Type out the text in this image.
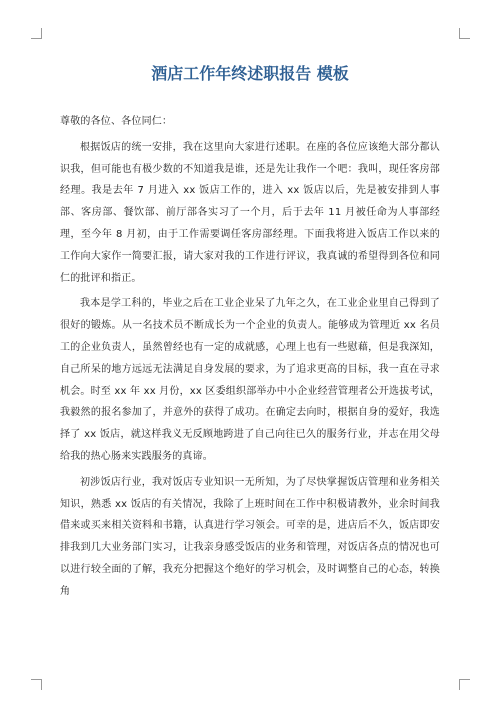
酒店工作年终述职报告 模板

尊敬的各位、各位同仁：

根据饭店的统一安排，我在这里向大家进行述职。在座的各位应该绝大部分都认识我，但可能也有极少数的不知道我是谁，还是先让我作一个吧：我叫，现任客房部经理。我是去年 7 月进入 xx 饭店工作的，进入 xx 饭店以后，先是被安排到人事部、客房部、餐饮部、前厅部各实习了一个月，后于去年 11 月被任命为人事部经理，至今年 8 月初，由于工作需要调任客房部经理。下面我将进入饭店工作以来的工作向大家作一简要汇报，请大家对我的工作进行评议，我真诚的希望得到各位和同仁的批评和指正。

我本是学工科的，毕业之后在工业企业呆了九年之久，在工业企业里自己得到了很好的锻炼。从一名技术员不断成长为一个企业的负责人。能够成为管理近 xx 名员工的企业负责人，虽然曾经也有一定的成就感，心理上也有一些慰藉，但是我深知，自己所呆的地方远远无法满足自身发展的要求，为了追求更高的目标，我一直在寻求机会。时至 xx 年 xx 月份，xx 区委组织部举办中小企业经营管理者公开选拔考试，我毅然的报名参加了，并意外的获得了成功。在确定去向时，根据自身的爱好，我选择了 xx 饭店，就这样我义无反顾地跨进了自己向往已久的服务行业，并志在用父母给我的热心肠来实践服务的真谛。

初涉饭店行业，我对饭店专业知识一无所知，为了尽快掌握饭店管理和业务相关知识，熟悉 xx 饭店的有关情况，我除了上班时间在工作中积极请教外，业余时间我借来或买来相关资料和书籍，认真进行学习领会。可幸的是，进店后不久，饭店即安排我到几大业务部门实习，让我亲身感受饭店的业务和管理，对饭店各点的情况也可以进行较全面的了解，我充分把握这个绝好的学习机会，及时调整自己的心态，转换角
